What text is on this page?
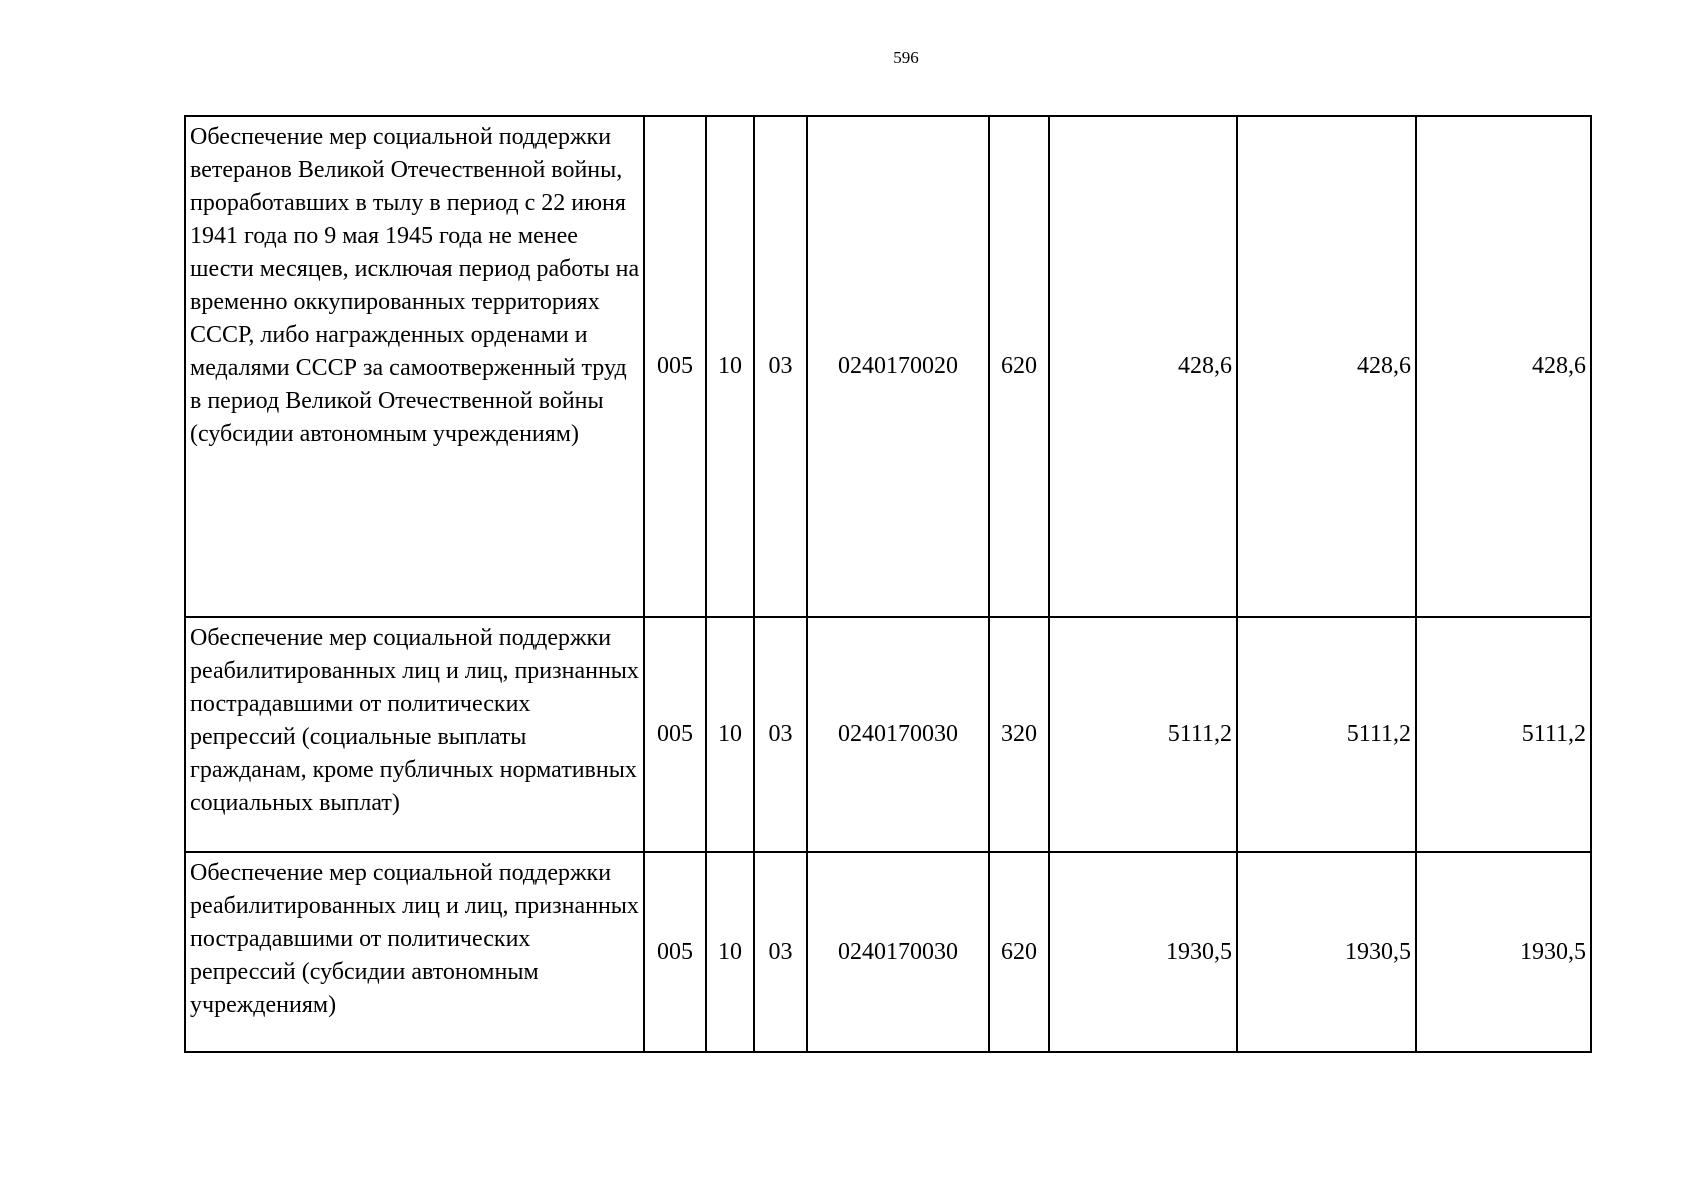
596
Обеспечение мер социальной поддержки ветеранов Великой Отечественной войны, проработавших в тылу в период с 22 июня 1941 года по 9 мая 1945 года не менее шести месяцев, исключая период работы на временно оккупированных территориях СССР, либо награжденных орденами и медалями СССР за самоотверженный труд в период Великой Отечественной войны (субсидии автономным учреждениям)	005	10	03	0240170020	620	428,6	428,6	428,6
Обеспечение мер социальной поддержки реабилитированных лиц и лиц, признанных пострадавшими от политических репрессий (социальные выплаты гражданам, кроме публичных нормативных социальных выплат)	005	10	03	0240170030	320	5111,2	5111,2	5111,2
Обеспечение мер социальной поддержки реабилитированных лиц и лиц, признанных пострадавшими от политических репрессий (субсидии автономным учреждениям)	005	10	03	0240170030	620	1930,5	1930,5	1930,5
